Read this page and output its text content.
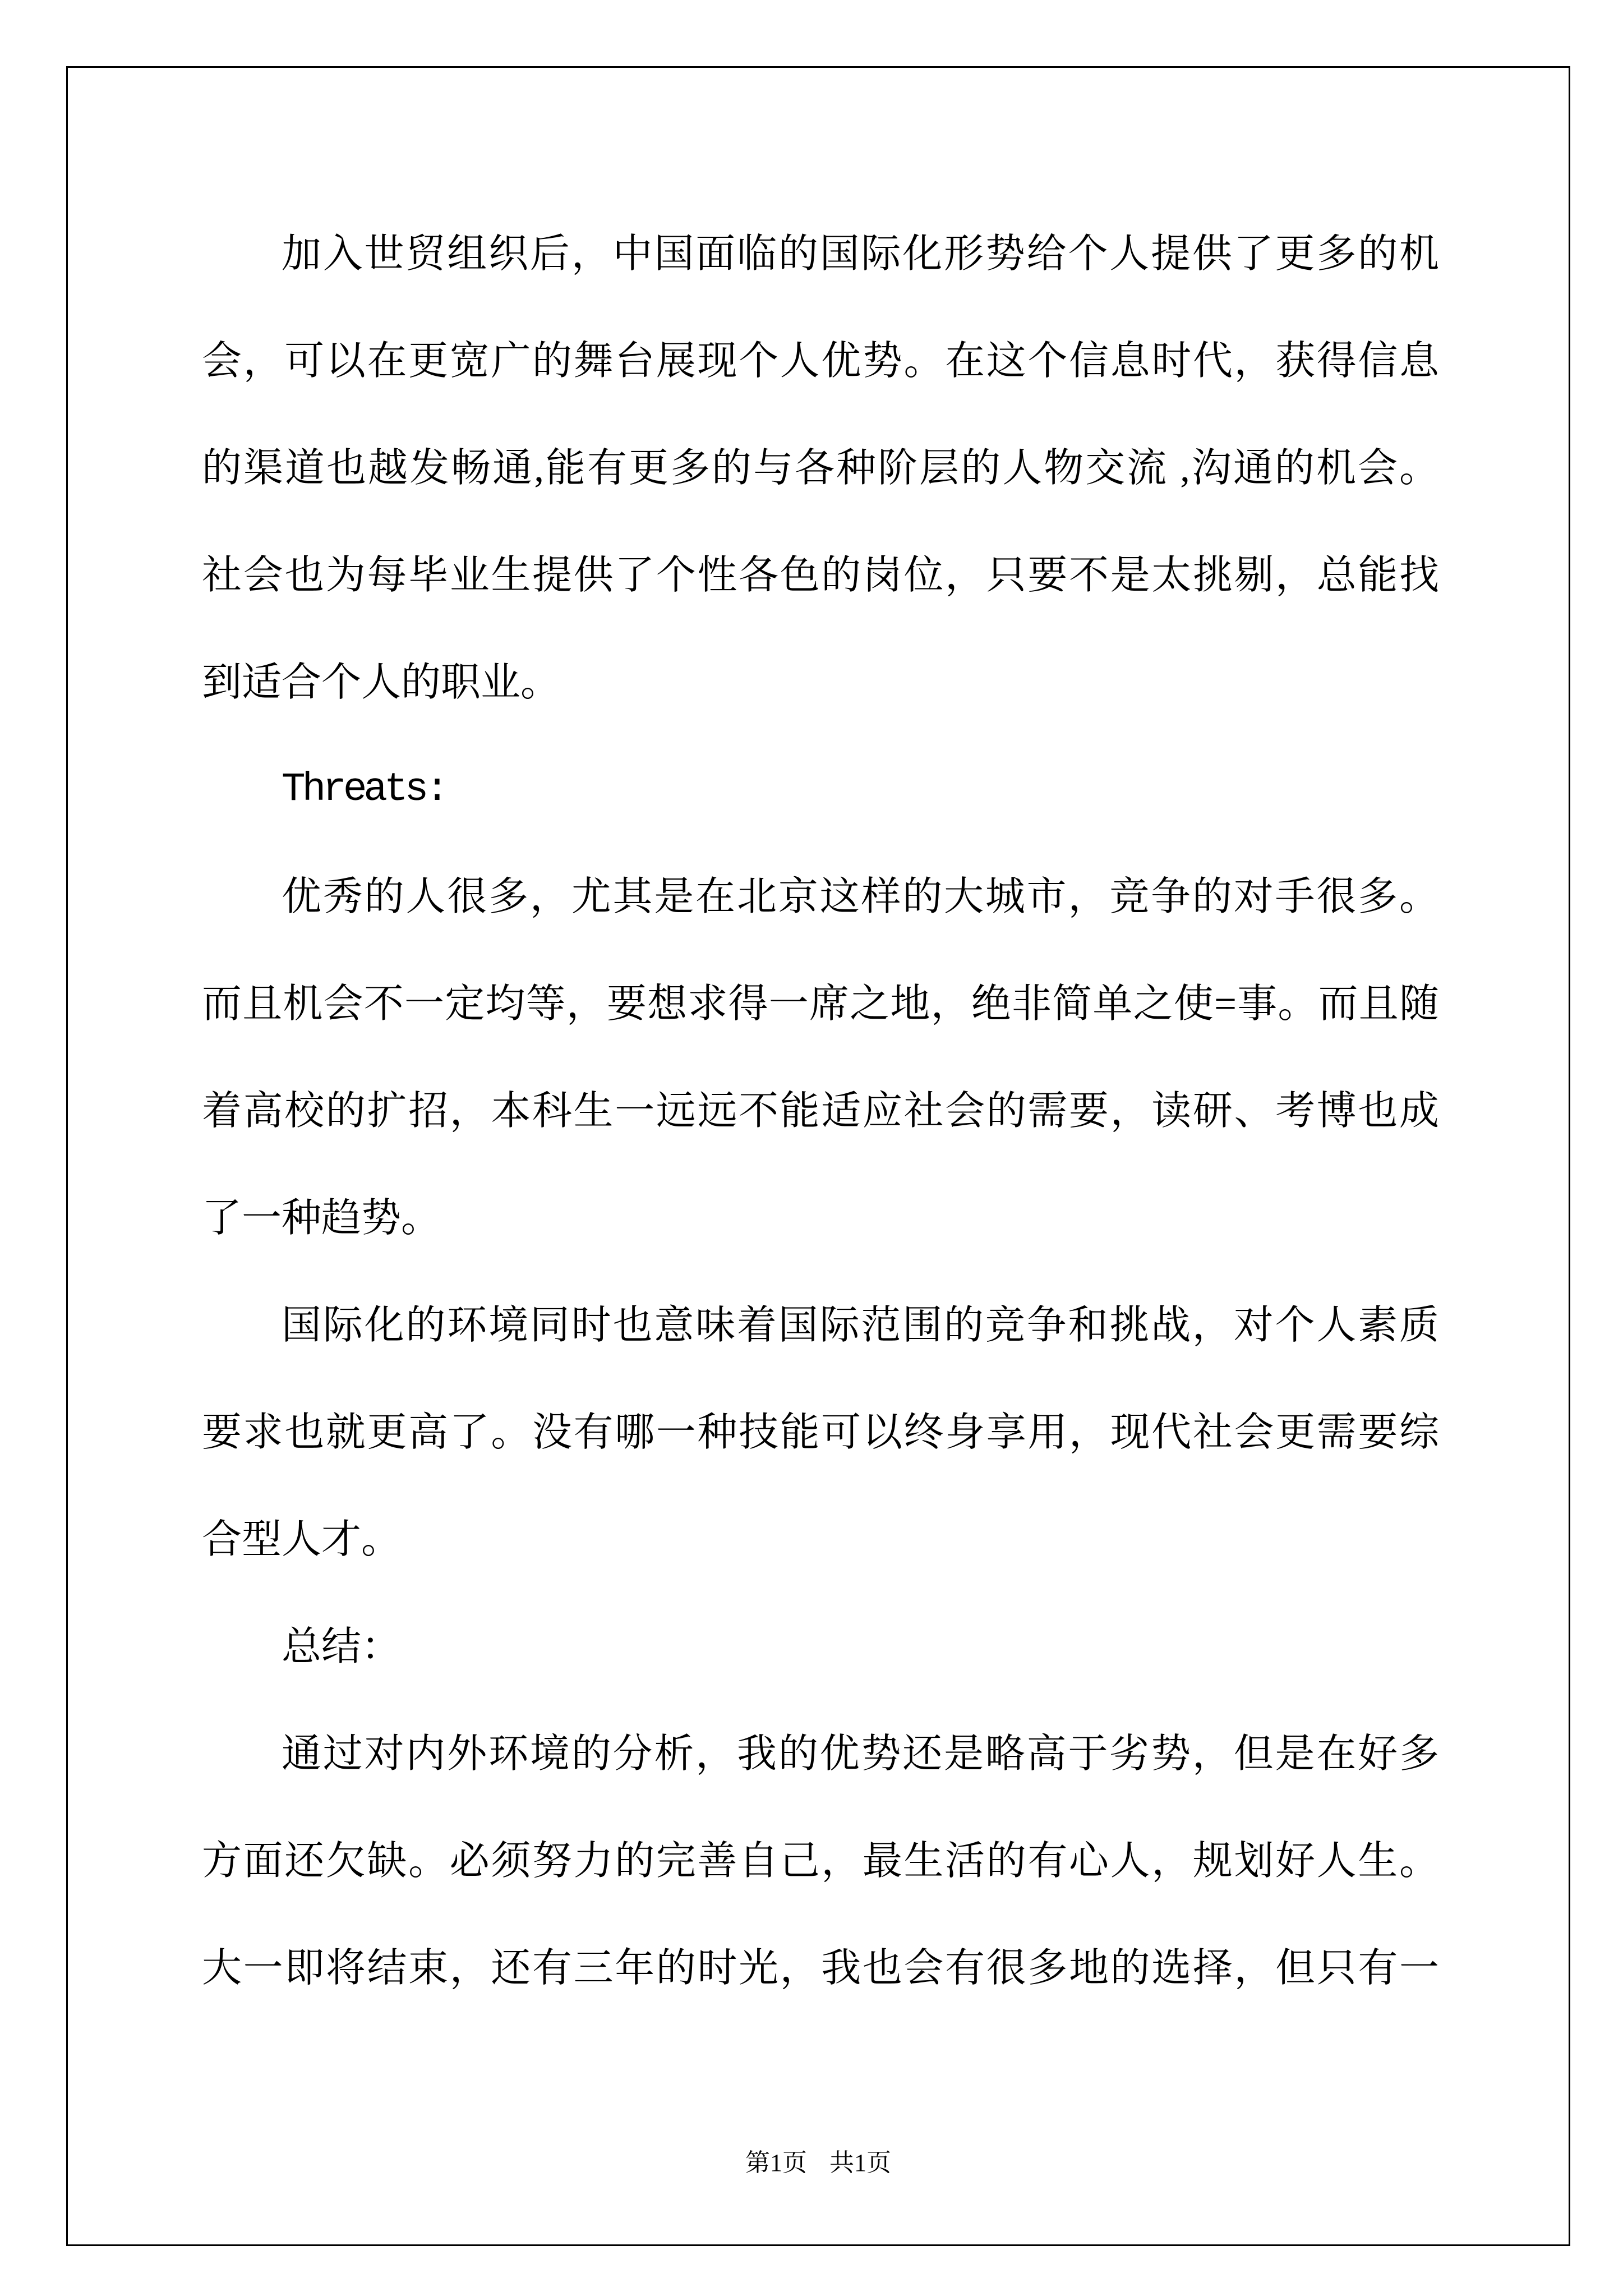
加入世贸组织后，中国面临的国际化形势给个人提供了更多的机
会，可以在更宽广的舞台展现个人优势。在这个信息时代，获得信息
的渠道也越发畅通,能有更多的与各种阶层的人物交流 ,沟通的机会。
社会也为每毕业生提供了个性各色的岗位，只要不是太挑剔，总能找
到适合个人的职业。
Threats:
优秀的人很多，尤其是在北京这样的大城市，竞争的对手很多。
而且机会不一定均等，要想求得一席之地，绝非简单之使=事。而且随
着高校的扩招，本科生一远远不能适应社会的需要，读研、考博也成
了一种趋势。
国际化的环境同时也意味着国际范围的竞争和挑战，对个人素质
要求也就更高了。没有哪一种技能可以终身享用，现代社会更需要综
合型人才。
总结：
通过对内外环境的分析，我的优势还是略高于劣势，但是在好多
方面还欠缺。必须努力的完善自己，最生活的有心人，规划好人生。
大一即将结束，还有三年的时光，我也会有很多地的选择，但只有一
第1页 共1页
